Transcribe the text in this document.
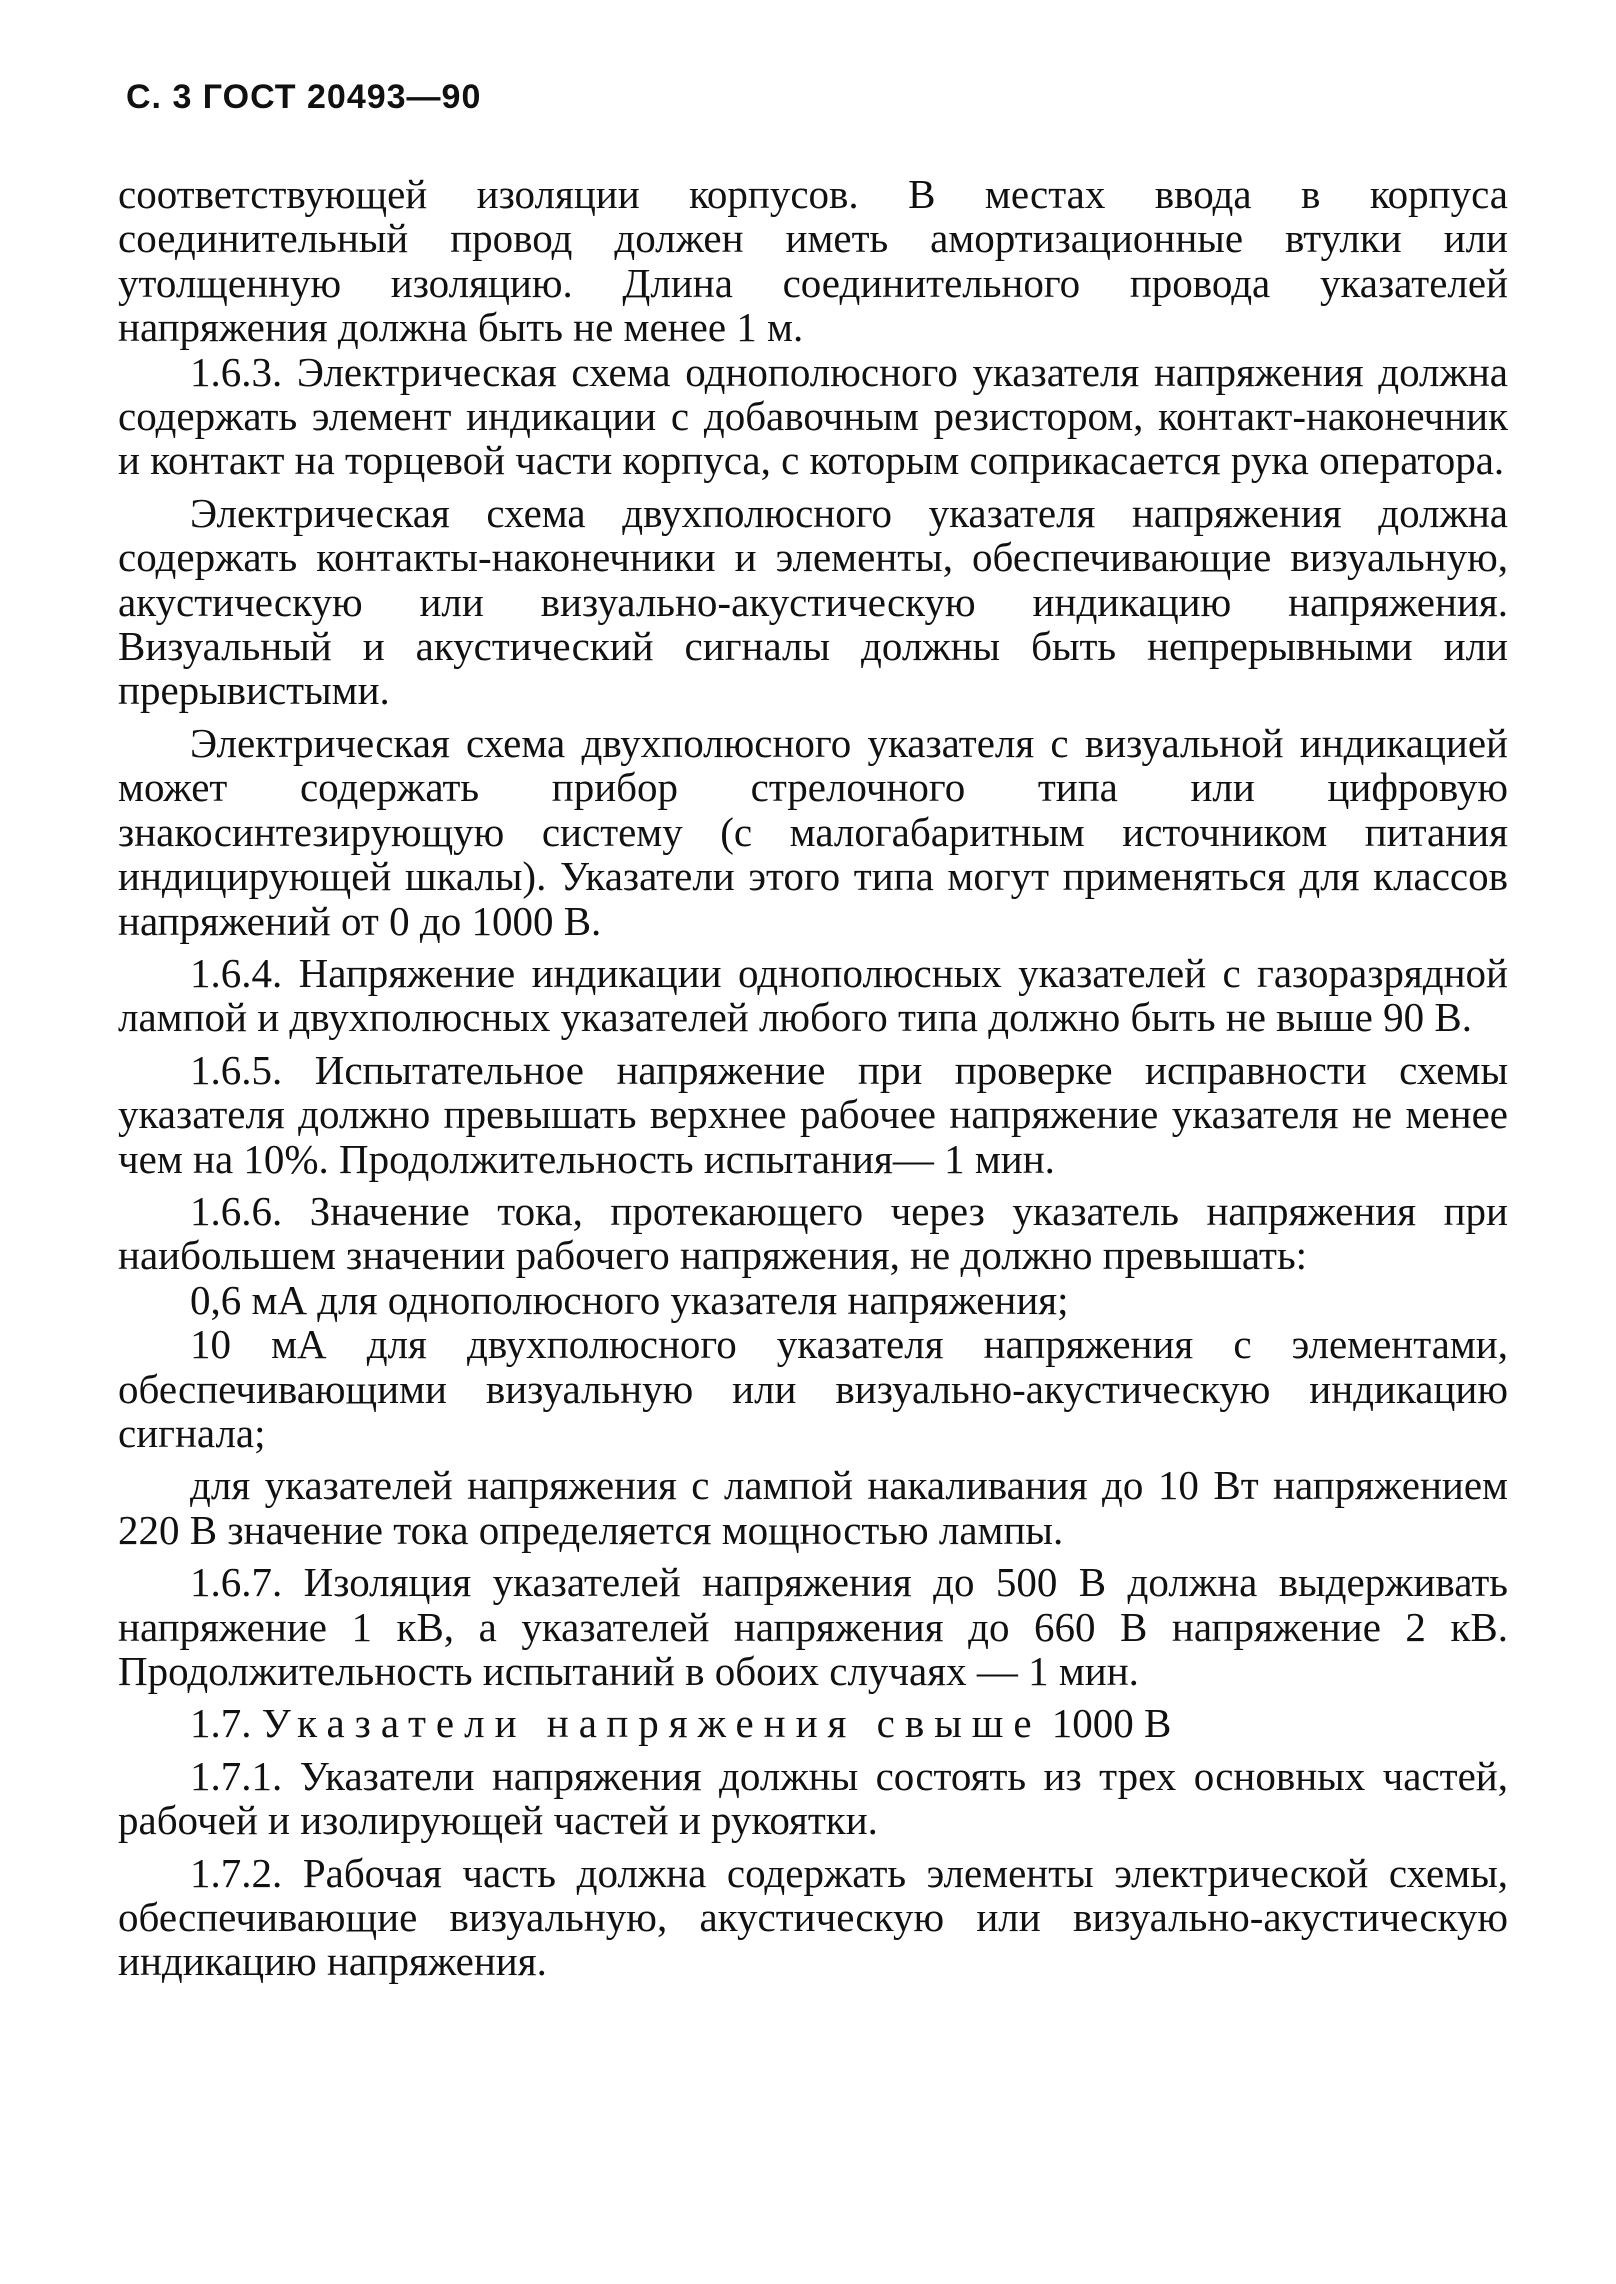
С. 3 ГОСТ 20493—90

соответствующей изоляции корпусов. В местах ввода в корпуса соединительный провод должен иметь амортизационные втулки или утолщенную изоляцию. Длина соединительного провода указателей напряжения должна быть не менее 1 м.

1.6.3. Электрическая схема однополюсного указателя напряжения должна содержать элемент индикации с добавочным резистором, контакт-наконечник и контакт на торцевой части корпуса, с которым соприкасается рука оператора.

Электрическая схема двухполюсного указателя напряжения должна содержать контакты-наконечники и элементы, обеспечивающие визуальную, акустическую или визуально-акустическую индикацию напряжения. Визуальный и акустический сигналы должны быть непрерывными или прерывистыми.

Электрическая схема двухполюсного указателя с визуальной индикацией может содержать прибор стрелочного типа или цифровую знакосинтезирующую систему (с малогабаритным источником питания индицирующей шкалы). Указатели этого типа могут применяться для классов напряжений от 0 до 1000 В.

1.6.4. Напряжение индикации однополюсных указателей с газоразрядной лампой и двухполюсных указателей любого типа должно быть не выше 90 В.

1.6.5. Испытательное напряжение при проверке исправности схемы указателя должно превышать верхнее рабочее напряжение указателя не менее чем на 10%. Продолжительность испытания— 1 мин.

1.6.6. Значение тока, протекающего через указатель напряжения при наибольшем значении рабочего напряжения, не должно превышать:

0,6 мА для однополюсного указателя напряжения;

10 мА для двухполюсного указателя напряжения с элементами, обеспечивающими визуальную или визуально-акустическую индикацию сигнала;

для указателей напряжения с лампой накаливания до 10 Вт напряжением 220 В значение тока определяется мощностью лампы.

1.6.7. Изоляция указателей напряжения до 500 В должна выдерживать напряжение 1 кВ, а указателей напряжения до 660 В напряжение 2 кВ. Продолжительность испытаний в обоих случаях — 1 мин.

1.7. Указатели напряжения свыше 1000 В

1.7.1. Указатели напряжения должны состоять из трех основных частей, рабочей и изолирующей частей и рукоятки.

1.7.2. Рабочая часть должна содержать элементы электрической схемы, обеспечивающие визуальную, акустическую или визуально-акустическую индикацию напряжения.
